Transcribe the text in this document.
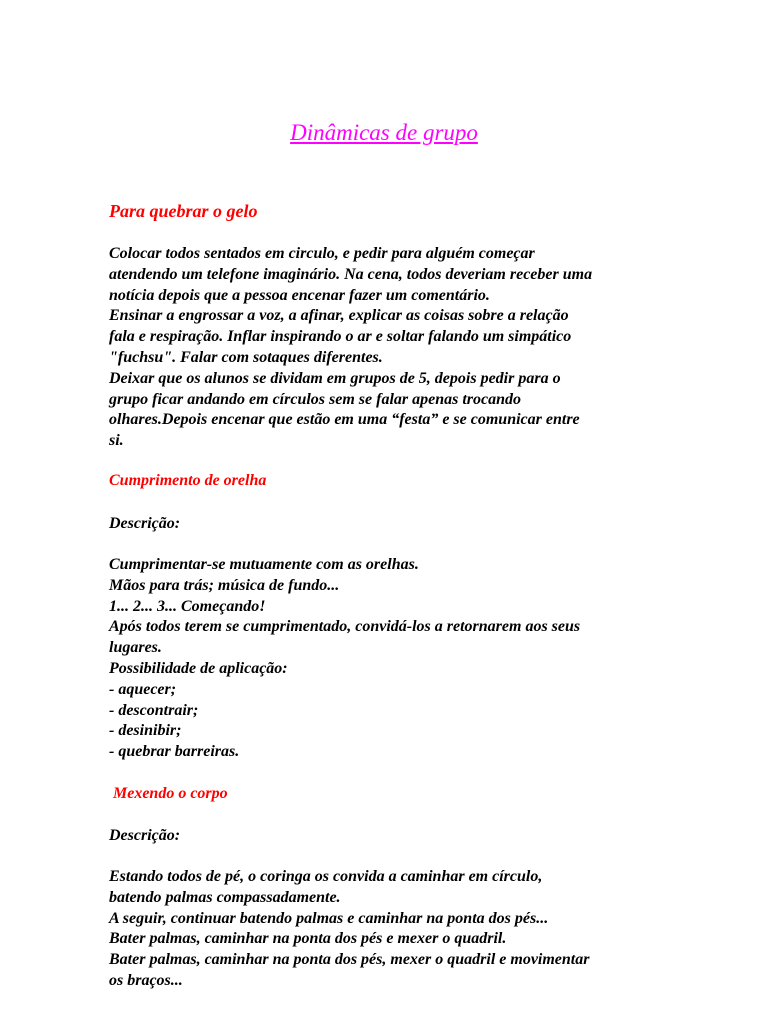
Dinâmicas de grupo
Para quebrar o gelo
Colocar todos sentados em circulo, e pedir para alguém começar
atendendo um telefone imaginário. Na cena, todos deveriam receber uma
notícia depois que a pessoa encenar fazer um comentário.
Ensinar a engrossar a voz, a afinar, explicar as coisas sobre a relação
fala e respiração. Inflar inspirando o ar e soltar falando um simpático
"fuchsu". Falar com sotaques diferentes.
Deixar que os alunos se dividam em grupos de 5, depois pedir para o
grupo ficar andando em círculos sem se falar apenas trocando
olhares.Depois encenar que estão em uma “festa” e se comunicar entre
si.
Cumprimento de orelha

Descrição:

Cumprimentar-se mutuamente com as orelhas.
Mãos para trás; música de fundo...
1... 2... 3... Começando!
Após todos terem se cumprimentado, convidá-los a retornarem aos seus
lugares.
Possibilidade de aplicação:
- aquecer;
- descontrair;
- desinibir;
- quebrar barreiras.
Mexendo o corpo

Descrição:

Estando todos de pé, o coringa os convida a caminhar em círculo,
batendo palmas compassadamente.
A seguir, continuar batendo palmas e caminhar na ponta dos pés...
Bater palmas, caminhar na ponta dos pés e mexer o quadril.
Bater palmas, caminhar na ponta dos pés, mexer o quadril e movimentar
os braços...
